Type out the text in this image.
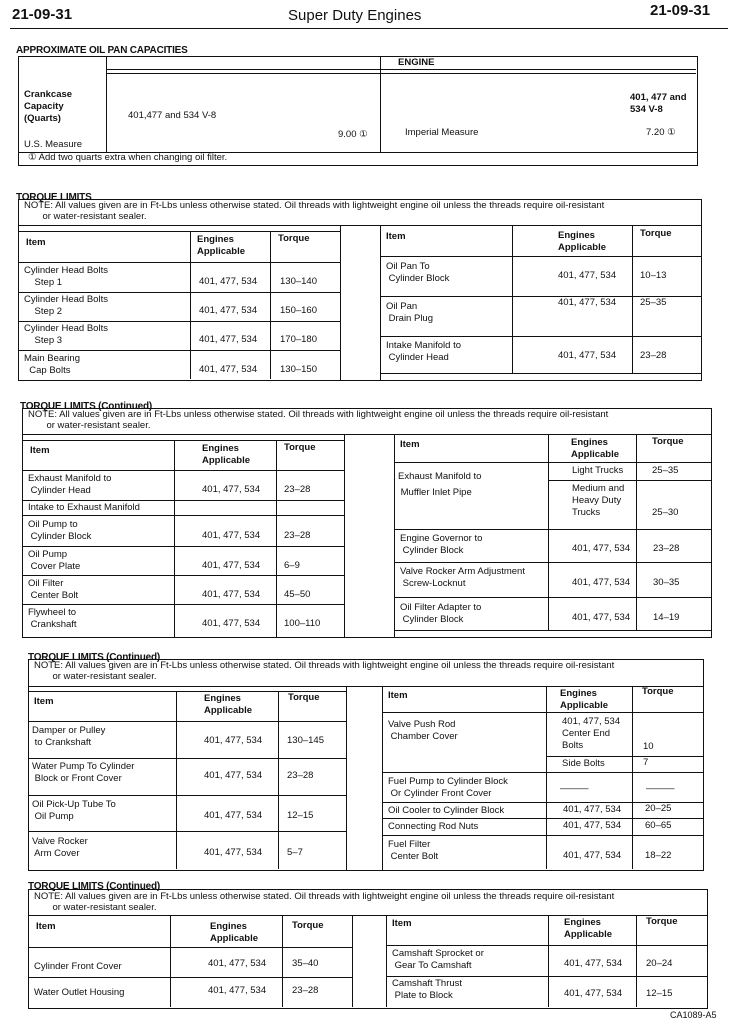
21-09-31	Super Duty Engines	21-09-31
APPROXIMATE OIL PAN CAPACITIES
ENGINE
Crankcase
Capacity
(Quarts)	401,477 and 534 V-8
401, 477 and
534 V-8
U.S. Measure
9.00 ①	Imperial Measure	7.20 ①
① Add two quarts extra when changing oil filter.
TORQUE LIMITS
NOTE: All values given are in Ft-Lbs unless otherwise stated. Oil threads with lightweight engine oil unless the threads require oil-resistant
or water-resistant sealer.
Item	Engines
Applicable
Torque
Cylinder Head Bolts
Step 1	401, 477, 534 130–140
Cylinder Head Bolts
Step 2	401, 477, 534 150–160
Cylinder Head Bolts
Step 3	401, 477, 534 170–180
Main Bearing
Cap Bolts	401, 477, 534 130–150
Item	Engines
Applicable
Torque
Oil Pan To
Cylinder Block	401, 477, 534	10–13
Oil Pan
Drain Plug
401, 477, 534	25–35
Intake Manifold to
Cylinder Head	401, 477, 534	23–28
TORQUE LIMITS (Continued)
NOTE: All values given are in Ft-Lbs unless otherwise stated. Oil threads with lightweight engine oil unless the threads require oil-resistant
or water-resistant sealer.
Item	Engines
Applicable
Torque
Exhaust Manifold to
Cylinder Head	401, 477, 534	23–28
Intake to Exhaust Manifold
Oil Pump to
Cylinder Block	401, 477, 534	23–28
Oil Pump
Cover Plate	401, 477, 534	6–9
Oil Filter
Center Bolt	401, 477, 534	45–50
Flywheel to
Crankshaft	401, 477, 534	100–110
Item	Engines
Applicable
Torque
Exhaust Manifold to
Muffler Inlet Pipe
Light Trucks	25–35
Medium and
Heavy Duty
Trucks	25–30
Engine Governor to
Cylinder Block	401, 477, 534 23–28
Valve Rocker Arm Adjustment
Screw-Locknut	401, 477, 534 30–35
Oil Filter Adapter to
Cylinder Block	401, 477, 534 14–19
TORQUE LIMITS (Continued)
NOTE: All values given are in Ft-Lbs unless otherwise stated. Oil threads with lightweight engine oil unless the threads require oil-resistant
or water-resistant sealer.
Item	Engines
Applicable
Torque
Damper or Pulley
to Crankshaft	401, 477, 534	130–145
Water Pump To Cylinder
Block or Front Cover	401, 477, 534	23–28
Oil Pick-Up Tube To
Oil Pump	401, 477, 534	12–15
Valve Rocker
Arm Cover	401, 477, 534	5–7
Item	Engines
Applicable
Torque
Valve Push Rod
Chamber Cover
401, 477, 534
Center End
Bolts	10
Side Bolts	7
Fuel Pump to Cylinder Block
Or Cylinder Front Cover	———	———
Oil Cooler to Cylinder Block	401, 477, 534	20–25
Connecting Rod Nuts	401, 477, 534	60–65
Fuel Filter
Center Bolt	401, 477, 534	18–22
TORQUE LIMITS (Continued)
NOTE: All values given are in Ft-Lbs unless otherwise stated. Oil threads with lightweight engine oil unless the threads require oil-resistant
or water-resistant sealer.
Item	Engines
Applicable
Torque
Cylinder Front Cover	401, 477, 534	35–40
Water Outlet Housing	401, 477, 534	23–28
Item	Engines
Applicable
Torque
Camshaft Sprocket or
Gear To Camshaft	401, 477, 534	20–24
Camshaft Thrust
Plate to Block	401, 477, 534	12–15
CA1089-A5
